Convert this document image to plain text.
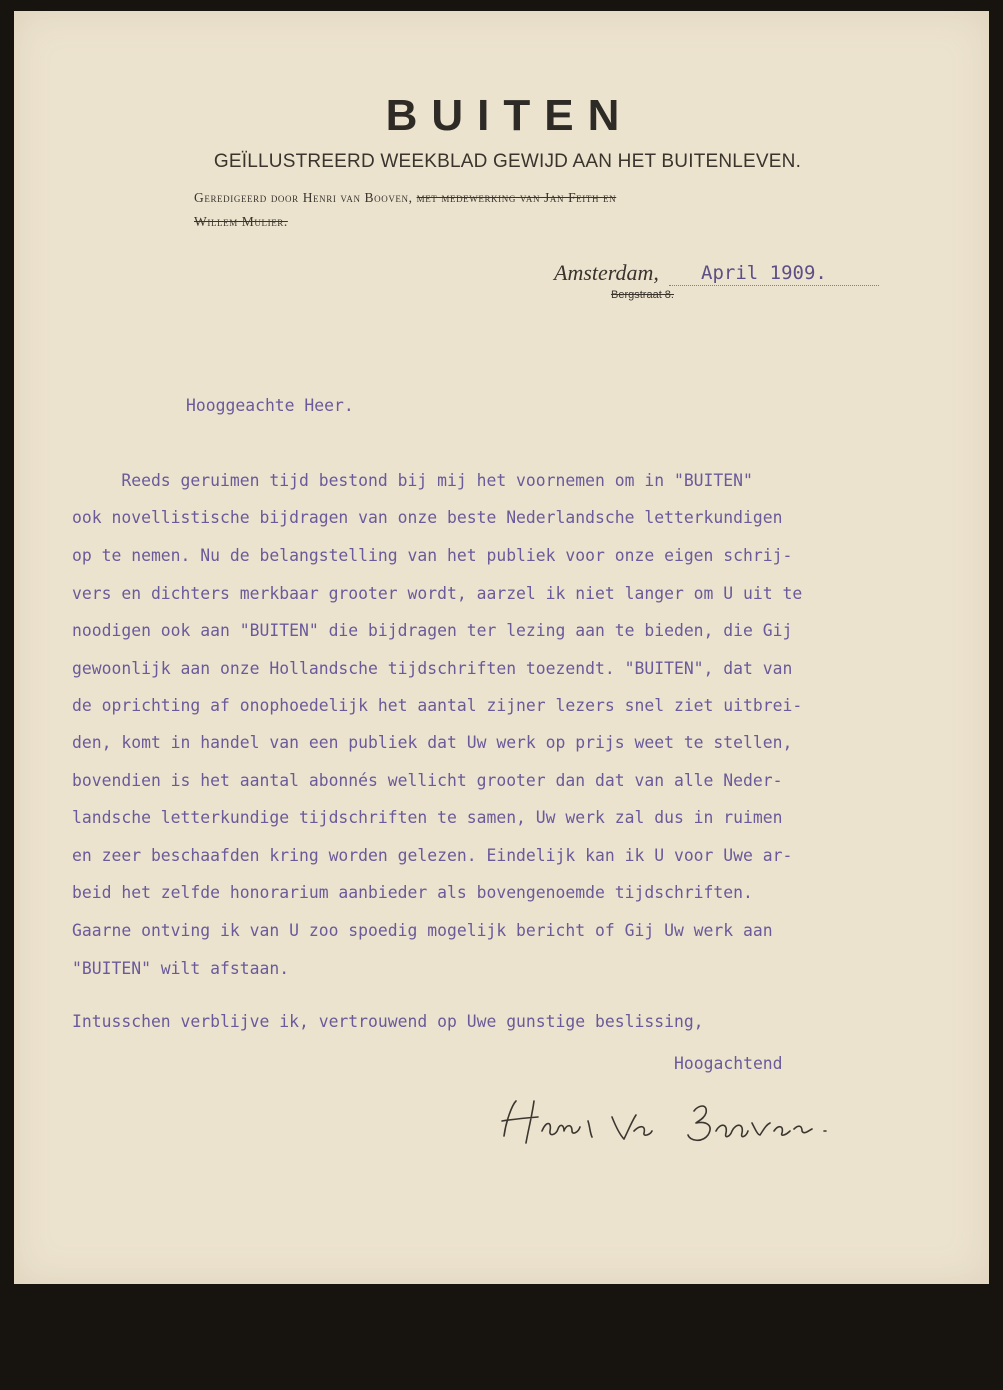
BUITEN
GEÏLLUSTREERD WEEKBLAD GEWIJD AAN HET BUITENLEVEN.
Geredigeerd door Henri van Booven, met medewerking van Jan Feith en
Willem Mulier.
Amsterdam, April 1909.
Bergstraat 8.
Hooggeachte Heer.
Reeds geruimen tijd bestond bij mij het voornemen om in "BUITEN"
ook novellistische bijdragen van onze beste Nederlandsche letterkundigen
op te nemen. Nu de belangstelling van het publiek voor onze eigen schrij-
vers en dichters merkbaar grooter wordt, aarzel ik niet langer om U uit te
noodigen ook aan "BUITEN" die bijdragen ter lezing aan te bieden, die Gij
gewoonlijk aan onze Hollandsche tijdschriften toezendt. "BUITEN", dat van
de oprichting af onophoedelijk het aantal zijner lezers snel ziet uitbrei-
den, komt in handel van een publiek dat Uw werk op prijs weet te stellen,
bovendien is het aantal abonnés wellicht grooter dan dat van alle Neder-
landsche letterkundige tijdschriften te samen, Uw werk zal dus in ruimen
en zeer beschaafden kring worden gelezen. Eindelijk kan ik U voor Uwe ar-
beid het zelfde honorarium aanbieder als bovengenoemde tijdschriften.
Gaarne ontving ik van U zoo spoedig mogelijk bericht of Gij Uw werk aan
"BUITEN" wilt afstaan.
Intusschen verblijve ik, vertrouwend op Uwe gunstige beslissing,
Hoogachtend
